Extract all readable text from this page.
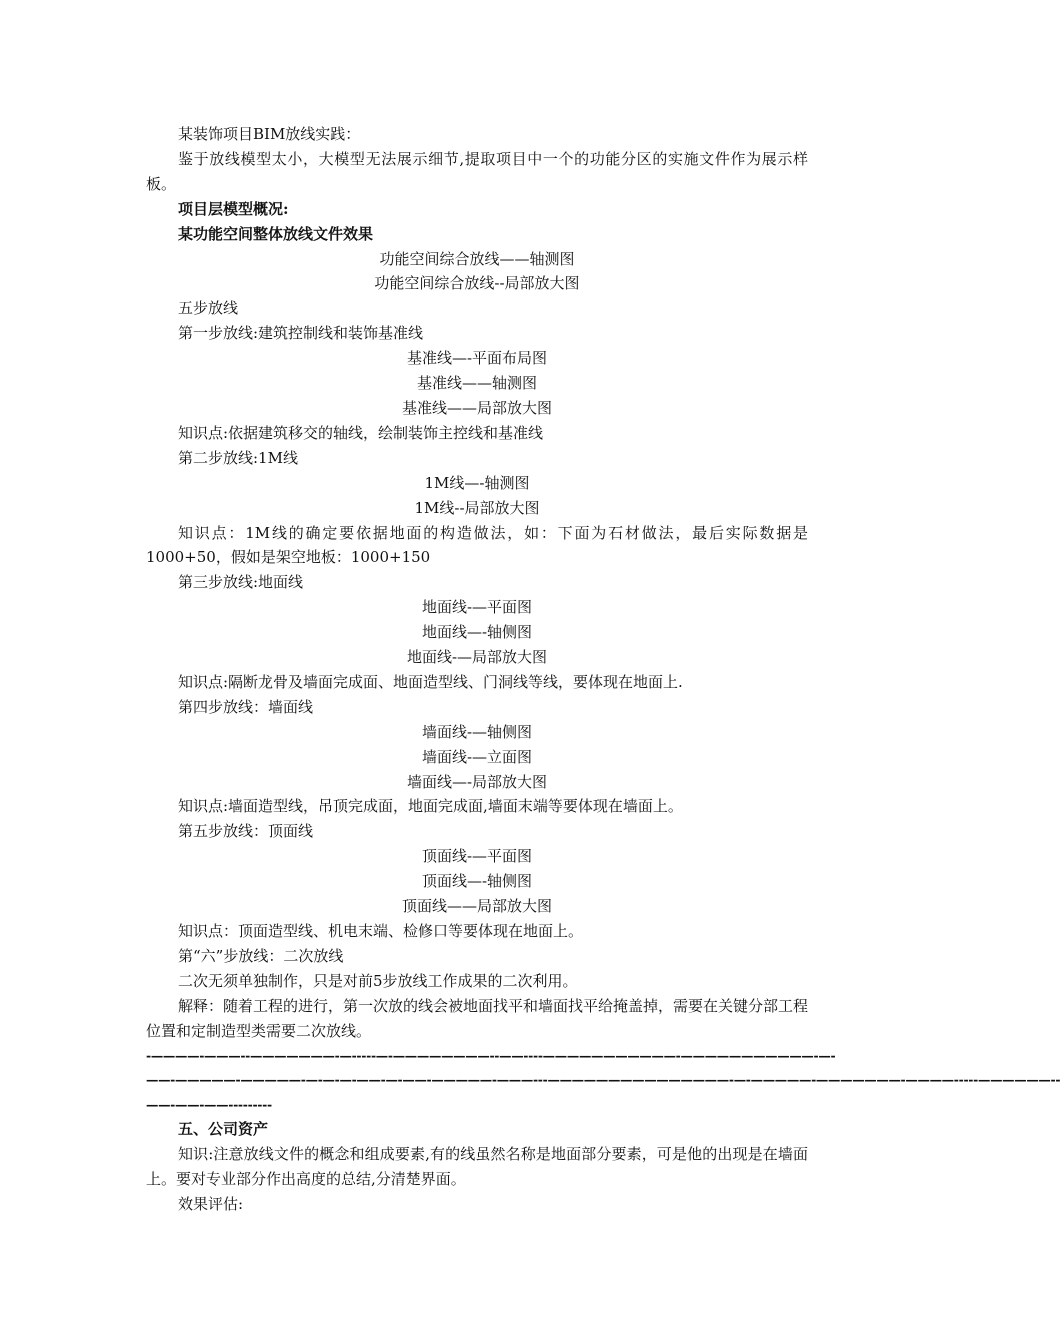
某装饰项目BIM放线实践：

鉴于放线模型太小，大模型无法展示细节,提取项目中一个的功能分区的实施文件作为展示样板。

项目层模型概况:

某功能空间整体放线文件效果

功能空间综合放线——轴测图

功能空间综合放线--局部放大图

五步放线

第一步放线:建筑控制线和装饰基准线

基准线—-平面布局图

基准线——轴测图

基准线——局部放大图

知识点:依据建筑移交的轴线，绘制装饰主控线和基准线

第二步放线:1M线

1M线—-轴测图

1M线--局部放大图

知识点：1M线的确定要依据地面的构造做法，如：下面为石材做法，最后实际数据是1000+50，假如是架空地板：1000+150

第三步放线:地面线

地面线-—平面图

地面线—-轴侧图

地面线-—局部放大图

知识点:隔断龙骨及墙面完成面、地面造型线、门洞线等线，要体现在地面上.

第四步放线：墙面线

墙面线-—轴侧图

墙面线-—立面图

墙面线—-局部放大图

知识点:墙面造型线，吊顶完成面，地面完成面,墙面末端等要体现在墙面上。

第五步放线：顶面线

顶面线-—平面图

顶面线—-轴侧图

顶面线——局部放大图

知识点：顶面造型线、机电末端、检修口等要体现在地面上。

第“六”步放线：二次放线

二次无须单独制作，只是对前5步放线工作成果的二次利用。

解释：随着工程的进行，第一次放的线会被地面找平和墙面找平给掩盖掉，需要在关键分部工程位置和定制造型类需要二次放线。

-————-———--———————-—-----—-————————--——----———————————-———————————-—-

——-—————-—————-—-—-—-——-—-——-—————-———---———————————————-—-—————-———————-————-----——————--

——-——-——---------

五、公司资产

知识:注意放线文件的概念和组成要素,有的线虽然名称是地面部分要素，可是他的出现是在墙面上。要对专业部分作出高度的总结,分清楚界面。

效果评估:
